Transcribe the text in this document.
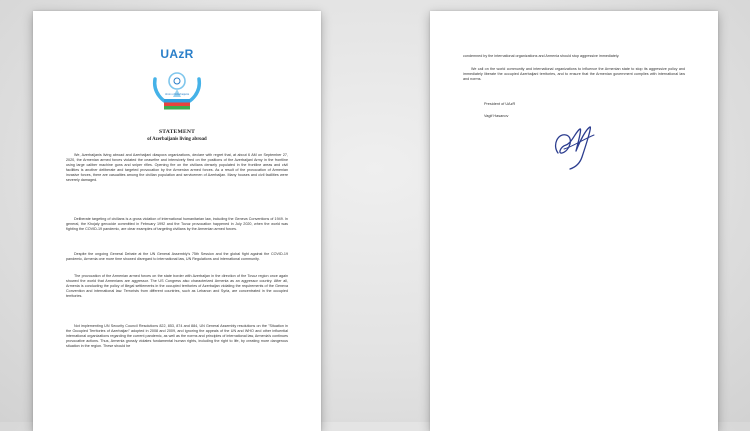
UAzR
Union of Azerbaijanis
STATEMENT
of Azerbaijanis living abroad

We, Azerbaijanis living abroad and Azerbaijani diaspora organizations, declare with regret that, at about 6 AM on September 27, 2020, the Armenian armed forces violated the ceasefire and intensively fired on the positions of the Azerbaijani Army in the frontline using large caliber machine guns and sniper rifles. Opening fire on the civilians densely populated in the frontline areas and civil facilities is another deliberate and targeted provocation by the Armenian armed forces. As a result of the provocation of Armenian invasive forces, there are casualties among the civilian population and servicemen of Azerbaijan. Many houses and civil facilities were severely damaged.

Deliberate targeting of civilians is a gross violation of international humanitarian law, including the Geneva Conventions of 1949. In general, the Khojaly genocide committed in February 1992 and the Tovuz provocation happened in July 2020, when the world was fighting the COVID-19 pandemic, are clear examples of targeting civilians by the Armenian armed forces.

Despite the ongoing General Debate at the UN General Assembly's 75th Session and the global fight against the COVID-19 pandemic, Armenia one more time showed disregard to international law, UN Regulations and international community.

The provocation of the Armenian armed forces on the state border with Azerbaijan in the direction of the Tovuz region once again showed the world that Armenians are aggressor. The US Congress also characterized Armenia as an aggressor country. After all, Armenia is conducting the policy of illegal settlements in the occupied territories of Azerbaijan violating the requirements of the Geneva Convention and international law. Terrorists from different countries, such as Lebanon and Syria, are concentrated in the occupied territories.

Not implementing UN Security Council Resolutions 822, 853, 874 and 884, UN General Assembly resolutions on the "Situation in the Occupied Territories of Azerbaijan" adopted in 2008 and 2009, and ignoring the appeals of the UN and WHO and other influential international organizations regarding the current pandemic, as well as the norms and principles of international law, Armenia's continues provocative actions. Thus, Armenia grossly violates fundamental human rights, including the right to life, by creating more dangerous situation in the region. These should be

condemned by the international organizations and Armenia should stop aggressive immediately.

We call on the world community and international organizations to influence the Armenian state to stop its aggressive policy and immediately liberate the occupied Azerbaijani territories, and to ensure that the Armenian government complies with international law and norms.

President of UAzR
Vagif Hasanov
